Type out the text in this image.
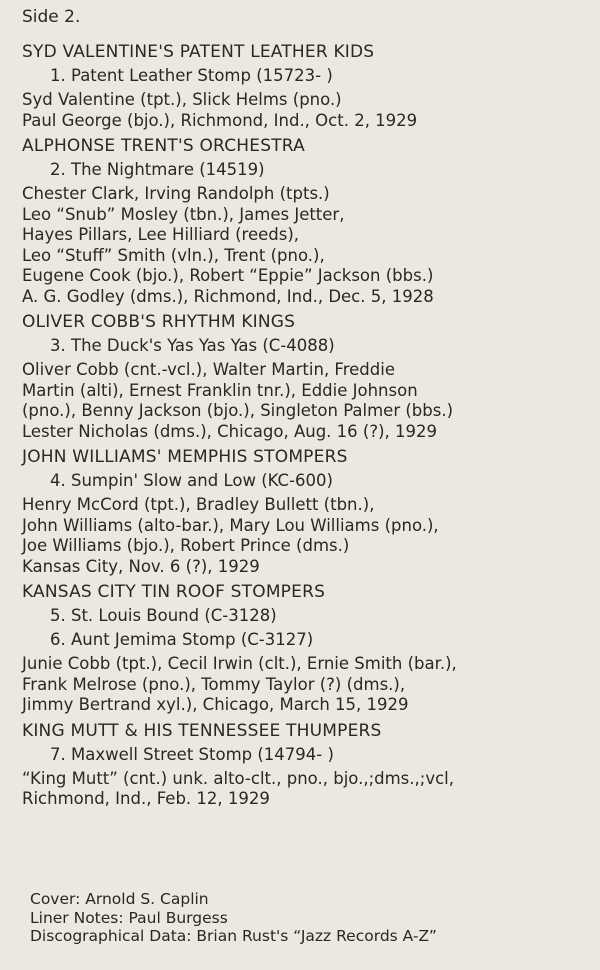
Side 2.
SYD VALENTINE'S PATENT LEATHER KIDS
1. Patent Leather Stomp (15723- )
Syd Valentine (tpt.), Slick Helms (pno.)
Paul George (bjo.), Richmond, Ind., Oct. 2, 1929
ALPHONSE TRENT'S ORCHESTRA
2. The Nightmare (14519)
Chester Clark, Irving Randolph (tpts.)
Leo “Snub” Mosley (tbn.), James Jetter,
Hayes Pillars, Lee Hilliard (reeds),
Leo “Stuff” Smith (vln.), Trent (pno.),
Eugene Cook (bjo.), Robert “Eppie” Jackson (bbs.)
A. G. Godley (dms.), Richmond, Ind., Dec. 5, 1928
OLIVER COBB'S RHYTHM KINGS
3. The Duck's Yas Yas Yas (C-4088)
Oliver Cobb (cnt.-vcl.), Walter Martin, Freddie
Martin (alti), Ernest Franklin tnr.), Eddie Johnson
(pno.), Benny Jackson (bjo.), Singleton Palmer (bbs.)
Lester Nicholas (dms.), Chicago, Aug. 16 (?), 1929
JOHN WILLIAMS' MEMPHIS STOMPERS
4. Sumpin' Slow and Low (KC-600)
Henry McCord (tpt.), Bradley Bullett (tbn.),
John Williams (alto-bar.), Mary Lou Williams (pno.),
Joe Williams (bjo.), Robert Prince (dms.)
Kansas City, Nov. 6 (?), 1929
KANSAS CITY TIN ROOF STOMPERS
5. St. Louis Bound (C-3128)
6. Aunt Jemima Stomp (C-3127)
Junie Cobb (tpt.), Cecil Irwin (clt.), Ernie Smith (bar.),
Frank Melrose (pno.), Tommy Taylor (?) (dms.),
Jimmy Bertrand xyl.), Chicago, March 15, 1929
KING MUTT & HIS TENNESSEE THUMPERS
7. Maxwell Street Stomp (14794- )
“King Mutt” (cnt.) unk. alto-clt., pno., bjo.,;dms.,;vcl,
Richmond, Ind., Feb. 12, 1929
Cover: Arnold S. Caplin
Liner Notes: Paul Burgess
Discographical Data: Brian Rust's “Jazz Records A-Z”
